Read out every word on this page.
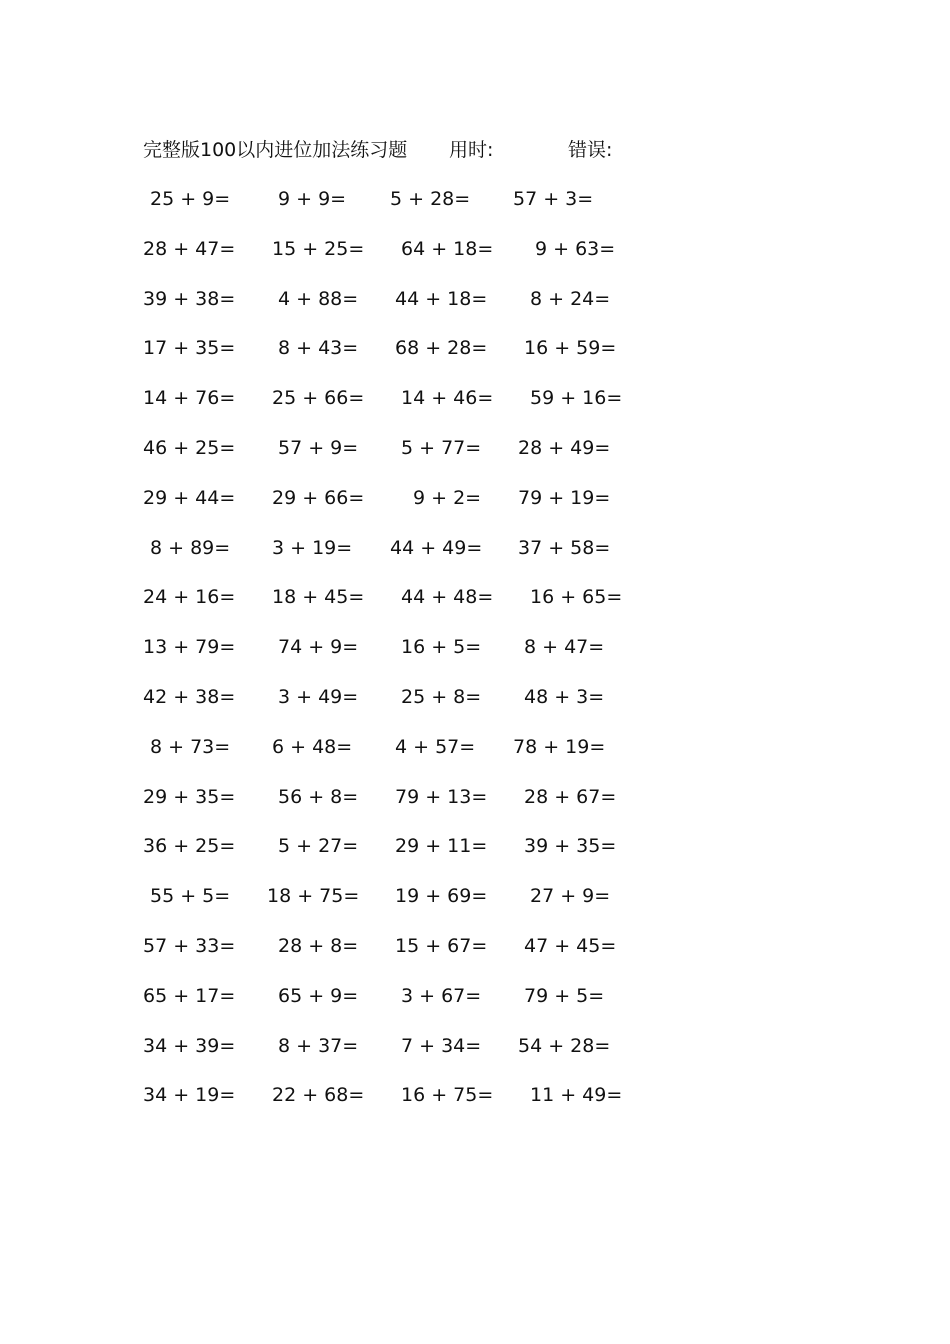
完整版100以内进位加法练习题 用时:	错误:
25 + 9=	9 + 9= 5 + 28= 57 + 3=
28 + 47= 15 + 25= 64 + 18= 9 + 63=
39 + 38= 4 + 88= 44 + 18= 8 + 24=
17 + 35= 8 + 43= 68 + 28= 16 + 59=
14 + 76= 25 + 66= 14 + 46= 59 + 16=
46 + 25= 57 + 9= 5 + 77= 28 + 49=
29 + 44= 29 + 66=	9 + 2= 79 + 19=
8 + 89= 3 + 19= 44 + 49= 37 + 58=
24 + 16= 18 + 45= 44 + 48= 16 + 65=
13 + 79= 74 + 9= 16 + 5= 8 + 47=
42 + 38= 3 + 49= 25 + 8= 48 + 3=
8 + 73= 6 + 48= 4 + 57= 78 + 19=
29 + 35= 56 + 8= 79 + 13= 28 + 67=
36 + 25= 5 + 27= 29 + 11= 39 + 35=
55 + 5= 18 + 75= 19 + 69= 27 + 9=
57 + 33= 28 + 8= 15 + 67= 47 + 45=
65 + 17= 65 + 9= 3 + 67= 79 + 5=
34 + 39= 8 + 37= 7 + 34= 54 + 28=
34 + 19= 22 + 68= 16 + 75= 11 + 49=
